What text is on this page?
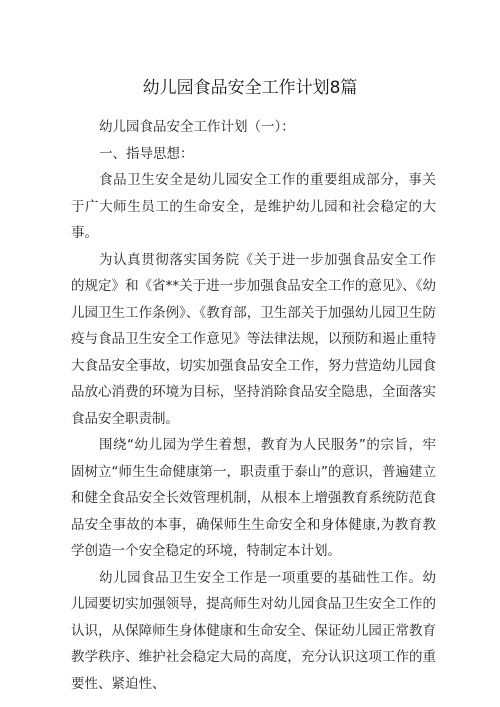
幼儿园食品安全工作计划8篇

幼儿园食品安全工作计划（一）：

一、指导思想：

食品卫生安全是幼儿园安全工作的重要组成部分，事关于广大师生员工的生命安全，是维护幼儿园和社会稳定的大事。

为认真贯彻落实国务院《关于进一步加强食品安全工作的规定》和《省**关于进一步加强食品安全工作的意见》、《幼儿园卫生工作条例》、《教育部，卫生部关于加强幼儿园卫生防疫与食品卫生安全工作意见》等法律法规，以预防和遏止重特大食品安全事故，切实加强食品安全工作，努力营造幼儿园食品放心消费的环境为目标，坚持消除食品安全隐患，全面落实食品安全职责制。

围绕“幼儿园为学生着想，教育为人民服务”的宗旨，牢固树立“师生生命健康第一，职责重于泰山”的意识，普遍建立和健全食品安全长效管理机制，从根本上增强教育系统防范食品安全事故的本事，确保师生生命安全和身体健康,为教育教学创造一个安全稳定的环境，特制定本计划。

幼儿园食品卫生安全工作是一项重要的基础性工作。幼儿园要切实加强领导，提高师生对幼儿园食品卫生安全工作的认识，从保障师生身体健康和生命安全、保证幼儿园正常教育教学秩序、维护社会稳定大局的高度，充分认识这项工作的重要性、紧迫性、
